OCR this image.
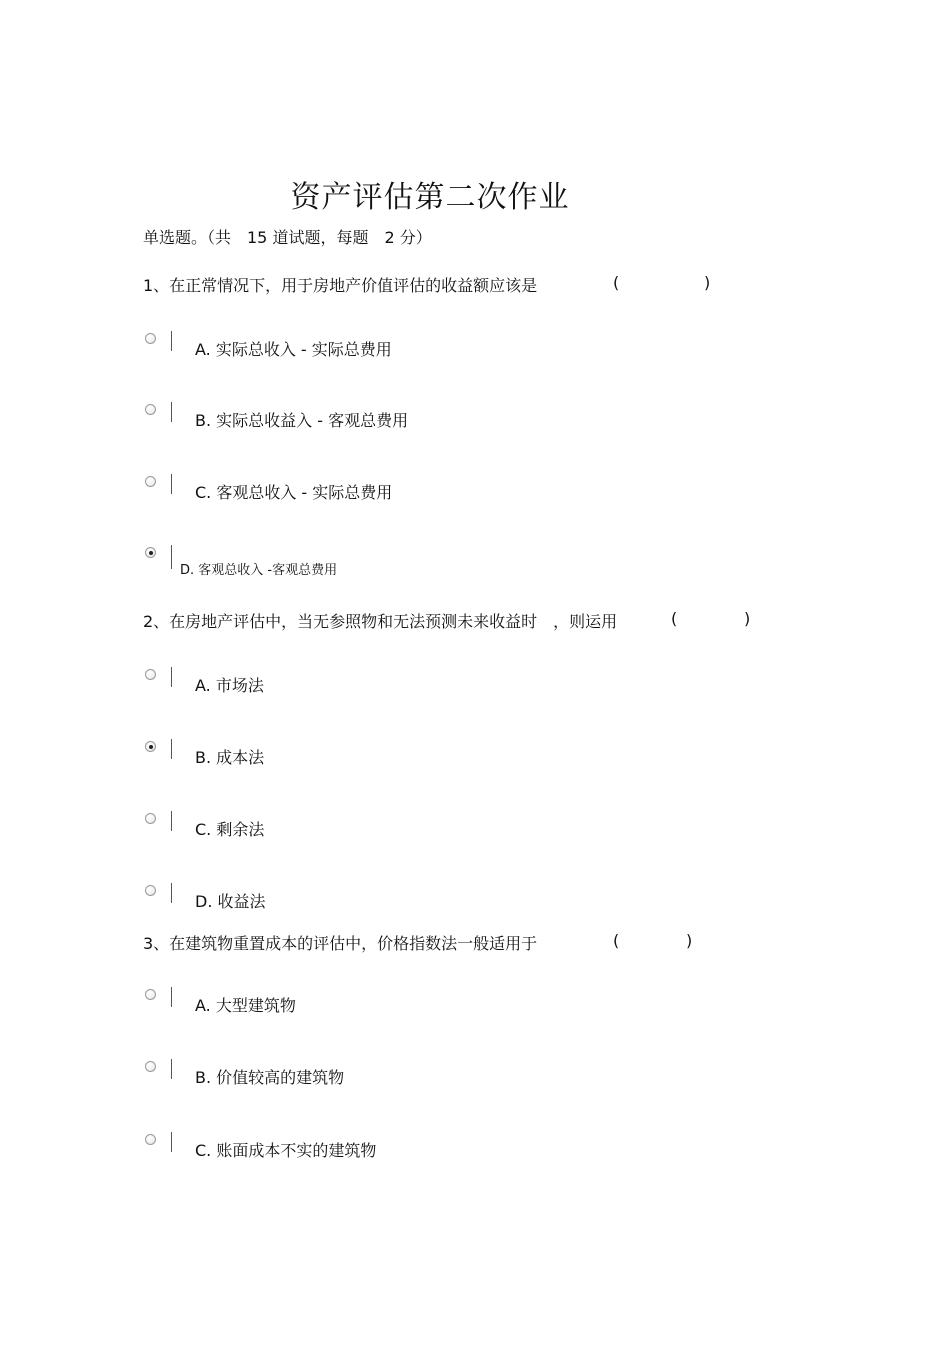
资产评估第二次作业
单选题。（共　15 道试题，每题　2 分）
1、在正常情况下，用于房地产价值评估的收益额应该是	(	)
A. 实际总收入 - 实际总费用
B. 实际总收益入 - 客观总费用
C. 客观总收入 - 实际总费用
D. 客观总收入 -客观总费用
2、在房地产评估中，当无参照物和无法预测未来收益时　，则运用	(	)
A. 市场法
B. 成本法
C. 剩余法
D. 收益法
3、在建筑物重置成本的评估中，价格指数法一般适用于	(	)
A. 大型建筑物
B. 价值较高的建筑物
C. 账面成本不实的建筑物
